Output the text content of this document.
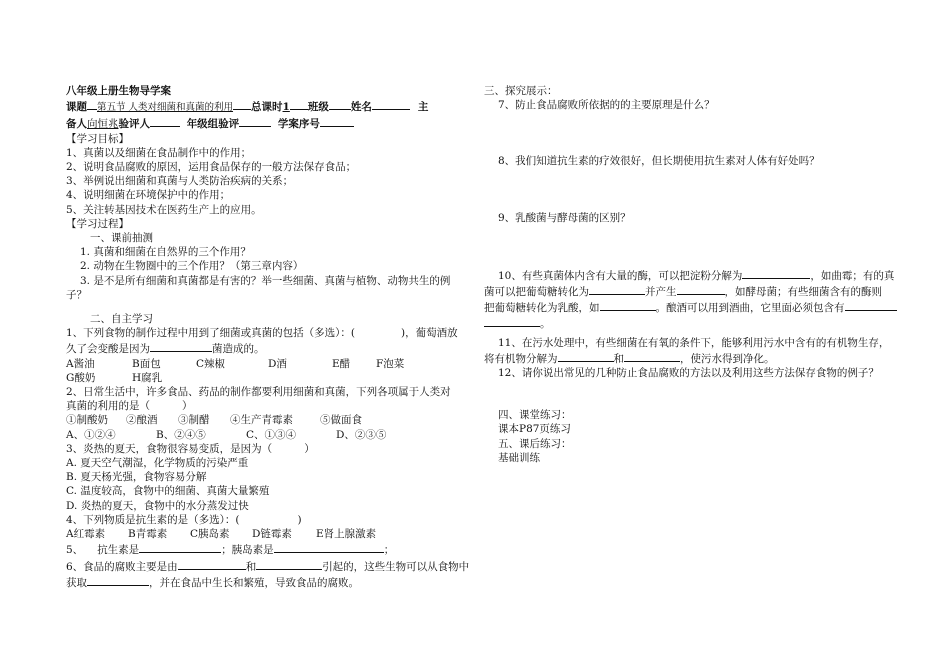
八年级上册生物导学案
课题 第五节 人类对细菌和真菌的利用 总课时1 班级 姓名	主
备人向恒兆验评人	年级组验评	学案序号
【学习目标】
1、真菌以及细菌在食品制作中的作用；
2、说明食品腐败的原因，运用食品保存的一般方法保存食品；
3、举例说出细菌和真菌与人类防治疾病的关系；
4、说明细菌在环境保护中的作用；
5、关注转基因技术在医药生产上的应用。
【学习过程】
一、课前抽测
1. 真菌和细菌在自然界的三个作用？
2. 动物在生物圈中的三个作用？（第三章内容）
3. 是不是所有细菌和真菌都是有害的？举一些细菌、真菌与植物、动物共生的例
子？
二、自主学习
1、下列食物的制作过程中用到了细菌或真菌的包括（多选）：(	)，葡萄酒放
久了会变酸是因为	菌造成的。
A酱油	B面包	C辣椒	D酒	E醋 F泡菜
G酸奶	H腐乳
2、日常生活中，许多食品、药品的制作都要利用细菌和真菌，下列各项属于人类对
真菌的利用的是（	）
①制酸奶 ②酿酒 ③制醋 ④生产青霉素	⑤做面食
A、①②④	B、②④⑤	C、①③④	D、②③⑤
3、炎热的夏天，食物很容易变质，是因为（	）
A. 夏天空气潮湿，化学物质的污染严重
B. 夏天杨光强，食物容易分解
C. 温度较高，食物中的细菌、真菌大量繁殖
D. 炎热的夏天，食物中的水分蒸发过快
4、下列物质是抗生素的是（多选）：(	)
A红霉素 B青霉素 C胰岛素 D链霉素 E肾上腺激素
5、 抗生素是	；胰岛素是	；
6、食品的腐败主要是由	和	引起的，这些生物可以从食物中
获取	，并在食品中生长和繁殖，导致食品的腐败。
三、探究展示：
7、防止食品腐败所依据的的主要原理是什么？
8、我们知道抗生素的疗效很好，但长期使用抗生素对人体有好处吗？
9、乳酸菌与酵母菌的区别？
10、有些真菌体内含有大量的酶，可以把淀粉分解为	，如曲霉；有的真
菌可以把葡萄糖转化为	并产生	，如酵母菌；有些细菌含有的酶则
把葡萄糖转化为乳酸，如	。酿酒可以用到酒曲，它里面必须包含有
。
11、在污水处理中，有些细菌在有氧的条件下，能够利用污水中含有的有机物生存，
将有机物分解为	和	，使污水得到净化。
12、请你说出常见的几种防止食品腐败的方法以及利用这些方法保存食物的例子？
四、课堂练习：
课本P87页练习
五、课后练习：
基础训练
